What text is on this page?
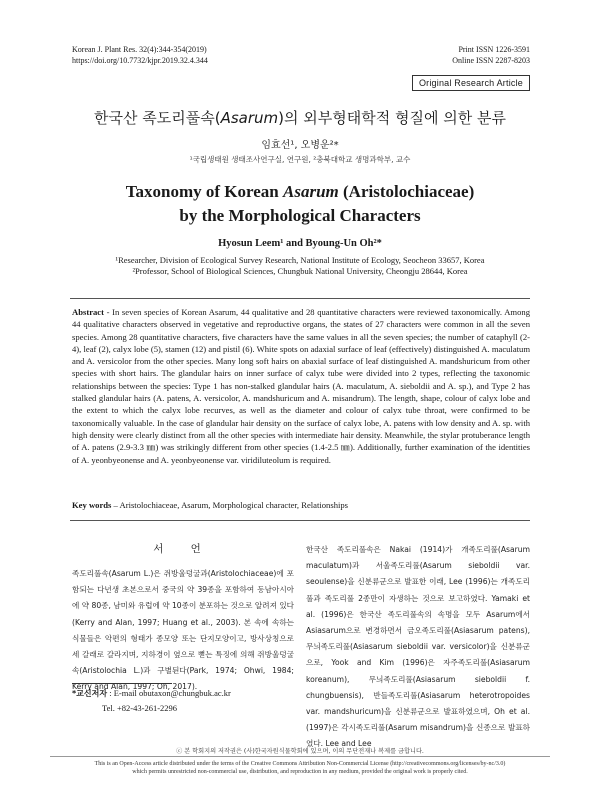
Korean J. Plant Res. 32(4):344-354(2019)
https://doi.org/10.7732/kjpr.2019.32.4.344
Print ISSN 1226-3591
Online ISSN 2287-8203
Original Research Article
한국산 족도리풀속(Asarum)의 외부형태학적 형질에 의한 분류
임효선¹, 오병운²*
¹국립생태원 생태조사연구실, 연구원, ²충북대학교 생명과학부, 교수
Taxonomy of Korean Asarum (Aristolochiaceae)
by the Morphological Characters
Hyosun Leem¹ and Byoung-Un Oh²*
¹Researcher, Division of Ecological Survey Research, National Institute of Ecology, Seocheon 33657, Korea
²Professor, School of Biological Sciences, Chungbuk National University, Cheongju 28644, Korea
Abstract - In seven species of Korean Asarum, 44 qualitative and 28 quantitative characters were reviewed taxonomically. Among 44 qualitative characters observed in vegetative and reproductive organs, the states of 27 characters were common in all the seven species. Among 28 quantitative characters, five characters have the same values in all the seven species; the number of cataphyll (2-4), leaf (2), calyx lobe (5), stamen (12) and pistil (6). White spots on adaxial surface of leaf (effectively) distinguished A. maculatum and A. versicolor from the other species. Many long soft hairs on abaxial surface of leaf distinguished A. mandshuricum from other species with short hairs. The glandular hairs on inner surface of calyx tube were divided into 2 types, reflecting the taxonomic relationships between the species: Type 1 has non-stalked glandular hairs (A. maculatum, A. sieboldii and A. sp.), and Type 2 has stalked glandular hairs (A. patens, A. versicolor, A. mandshuricum and A. misandrum). The length, shape, colour of calyx lobe and the extent to which the calyx lobe recurves, as well as the diameter and colour of calyx tube throat, were confirmed to be taxonomically valuable. In the case of glandular hair density on the surface of calyx lobe, A. patens with low density and A. sp. with high density were clearly distinct from all the other species with intermediate hair density. Meanwhile, the stylar protuberance length of A. patens (2.9-3.3 ㎜) was strikingly different from other species (1.4-2.5 ㎜). Additionally, further examination of the identities of A. yeonbyeonense and A. yeonbyeonense var. viridiluteolum is required.
Key words – Aristolochiaceae, Asarum, Morphological character, Relationships
서 언
족도리풀속(Asarum L.)은 쥐방울덩굴과(Aristolochiaceae)에 포함되는 다년생 초본으로서 중국의 약 39종을 포함하여 동남아시아에 약 80종, 남미와 유럽에 약 10종이 분포하는 것으로 알려져 있다(Kerry and Alan, 1997; Huang et al., 2003). 본 속에 속하는 식물들은 악편의 형태가 종모양 또는 단지모양이고, 방사상칭으로 세 갈래로 갈라지며, 지하경이 옆으로 뻗는 특징에 의해 쥐방울덩굴속(Aristolochia L.)과 구별된다(Park, 1974; Ohwi, 1984; Kerry and Alan, 1997; Oh, 2017).
한국산 족도리풀속은 Nakai (1914)가 개족도리풀(Asarum maculatum)과 서울족도리풀(Asarum sieboldii var. seoulense)을 신분류군으로 발표한 이래, Lee (1996)는 개족도리풀과 족도리풀 2종만이 자생하는 것으로 보고하였다. Yamaki et al. (1996)은 한국산 족도리풀속의 속명을 모두 Asarum에서 Asiasarum으로 변경하면서 금오족도리풀(Asiasarum patens), 무늬족도리풀(Asiasarum sieboldii var. versicolor)을 신분류군으로, Yook and Kim (1996)은 자주족도리풀(Asiasarum koreanum), 무늬족도리풀(Asiasarum sieboldii f. chungbuensis), 반들족도리풀(Asiasarum heterotropoides var. mandshuricum)을 신분류군으로 발표하였으며, Oh et al. (1997)은 각시족도리풀(Asarum misandrum)을 신종으로 발표하였다. Lee and Lee
*교신저자 : E-mail obutaxon@chungbuk.ac.kr
Tel. +82-43-261-2296
ⓒ 본 학회지의 저작권은 (사)한국자원식물학회에 있으며, 이의 무단전재나 복제를 금합니다.
This is an Open-Access article distributed under the terms of the Creative Commons Attribution Non-Commercial License (http://creativecommons.org/licenses/by-nc/3.0)
which permits unrestricted non-commercial use, distribution, and reproduction in any medium, provided the original work is properly cited.
